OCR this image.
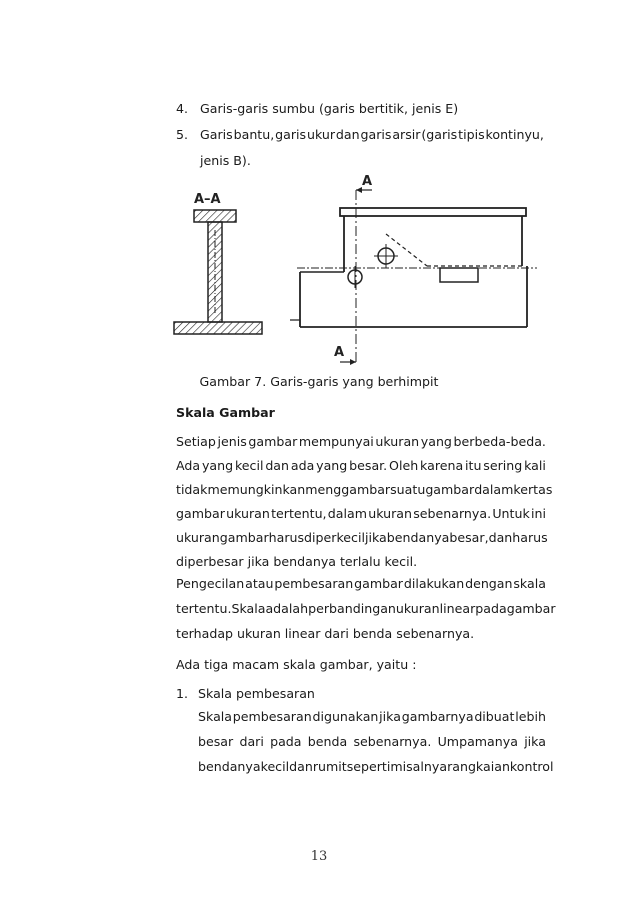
4. Garis-garis sumbu (garis bertitik, jenis E)
5. Garis bantu, garis ukur dan garis arsir (garis tipis kontinyu,
jenis B).
A–A
A
A
Gambar 7. Garis-garis yang berhimpit
Skala Gambar
Setiap jenis gambar mempunyai ukuran yang berbeda-beda.
Ada yang kecil dan ada yang besar. Oleh karena itu sering kali
tidak memungkinkan menggambar suatu gambar dalam kertas
gambar ukuran tertentu, dalam ukuran sebenarnya. Untuk ini
ukuran gambar harus diperkecil jika bendanya besar, dan harus
diperbesar jika bendanya terlalu kecil.
Pengecilan atau pembesaran gambar dilakukan dengan skala
tertentu. Skala adalah perbandingan ukuran linear pada gambar
terhadap ukuran linear dari benda sebenarnya.
Ada tiga macam skala gambar, yaitu :
1. Skala pembesaran
Skala pembesaran digunakan jika gambarnya dibuat lebih
besar dari pada benda sebenarnya. Umpamanya jika
bendanya kecil dan rumit seperti misalnya rangkaian kontrol
13
